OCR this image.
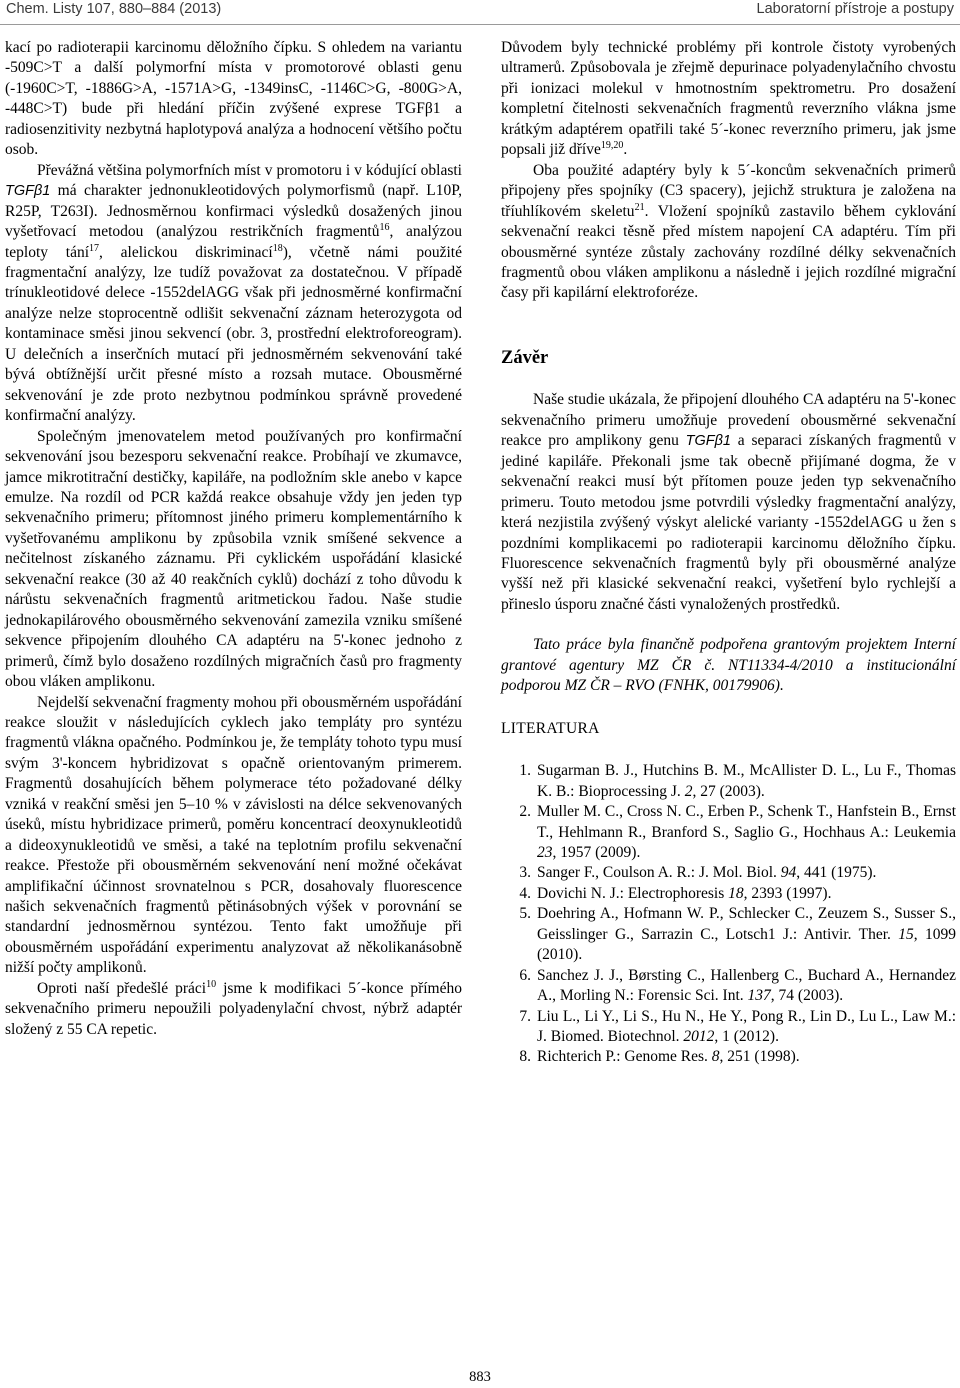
Chem. Listy 107, 880–884 (2013)	Laboratorní přístroje a postupy

kací po radioterapii karcinomu děložního čípku. S ohledem na variantu -509C>T a další polymorfní místa v promotorové oblasti genu (-1960C>T, -1886G>A, -1571A>G, -1349insC, -1146C>G, -800G>A, -448C>T) bude při hledání příčin zvýšené exprese TGFβ1 a radiosenzitivity nezbytná haplotypová analýza a hodnocení většího počtu osob.

Převážná většina polymorfních míst v promotoru i v kódující oblasti TGFβ1 má charakter jednonukleotidových polymorfismů (např. L10P, R25P, T263I). Jednosměrnou konfirmaci výsledků dosažených jinou vyšetřovací metodou (analýzou restrikčních fragmentů$^{16}$, analýzou teploty tání$^{17}$, alelickou diskriminací$^{18}$), včetně námi použité fragmentační analýzy, lze tudíž považovat za dostatečnou. V případě trínukleotidové delece -1552delAGG však při jednosměrné konfirmační analýze nelze stoprocentně odlišit sekvenační záznam heterozygota od kontaminace směsi jinou sekvencí (obr. 3, prostřední elektroforeogram). U delečních a inserčních mutací při jednosměrném sekvenování také bývá obtížnější určit přesné místo a rozsah mutace. Obousměrné sekvenování je zde proto nezbytnou podmínkou správně provedené konfirmační analýzy.

Společným jmenovatelem metod používaných pro konfirmační sekvenování jsou bezesporu sekvenační reakce. Probíhají ve zkumavce, jamce mikrotitrační destičky, kapiláře, na podložním skle anebo v kapce emulze. Na rozdíl od PCR každá reakce obsahuje vždy jen jeden typ sekvenačního primeru; přítomnost jiného primeru komplementárního k vyšetřovanému amplikonu by způsobila vznik smíšené sekvence a nečitelnost získaného záznamu. Při cyklickém uspořádání klasické sekvenační reakce (30 až 40 reakčních cyklů) dochází z toho důvodu k nárůstu sekvenačních fragmentů aritmetickou řadou. Naše studie jednokapilárového obousměrného sekvenování zamezila vzniku smíšené sekvence připojením dlouhého CA adaptéru na 5'-konec jednoho z primerů, čímž bylo dosaženo rozdílných migračních časů pro fragmenty obou vláken amplikonu.

Nejdelší sekvenační fragmenty mohou při obousměrném uspořádání reakce sloužit v následujících cyklech jako templáty pro syntézu fragmentů vlákna opačného. Podmínkou je, že templáty tohoto typu musí svým 3'-koncem hybridizovat s opačně orientovaným primerem. Fragmentů dosahujících během polymerace této požadované délky vzniká v reakční směsi jen 5–10 % v závislosti na délce sekvenovaných úseků, místu hybridizace primerů, poměru koncentrací deoxynukleotidů a dideoxynukleotidů ve směsi, a také na teplotním profilu sekvenační reakce. Přestože při obousměrném sekvenování není možné očekávat amplifikační účinnost srovnatelnou s PCR, dosahovaly fluorescence našich sekvenačních fragmentů pětinásobných výšek v porovnání se standardní jednosměrnou syntézou. Tento fakt umožňuje při obousměrném uspořádání experimentu analyzovat až několikanásobně nižší počty amplikonů.

Oproti naší předešlé práci$^{10}$ jsme k modifikaci 5´-konce přímého sekvenačního primeru nepoužili polyadenylační chvost, nýbrž adaptér složený z 55 CA repetic.

Důvodem byly technické problémy při kontrole čistoty vyrobených ultramerů. Způsobovala je zřejmě depurinace polyadenylačního chvostu při ionizaci molekul v hmotnostním spektrometru. Pro dosažení kompletní čitelnosti sekvenačních fragmentů reverzního vlákna jsme krátkým adaptérem opatřili také 5´-konec reverzního primeru, jak jsme popsali již dříve$^{19,20}$.

Oba použité adaptéry byly k 5´-koncům sekvenačních primerů připojeny přes spojníky (C3 spacery), jejichž struktura je založena na tříuhlíkovém skeletu$^{21}$. Vložení spojníků zastavilo během cyklování sekvenační reakci těsně před místem napojení CA adaptéru. Tím při obousměrné syntéze zůstaly zachovány rozdílné délky sekvenačních fragmentů obou vláken amplikonu a následně i jejich rozdílné migrační časy při kapilární elektroforéze.

Závěr

Naše studie ukázala, že připojení dlouhého CA adaptéru na 5'-konec sekvenačního primeru umožňuje provedení obousměrné sekvenační reakce pro amplikony genu TGFβ1 a separaci získaných fragmentů v jediné kapiláře. Překonali jsme tak obecně přijímané dogma, že v sekvenační reakci musí být přítomen pouze jeden typ sekvenačního primeru. Touto metodou jsme potvrdili výsledky fragmentační analýzy, která nezjistila zvýšený výskyt alelické varianty -1552delAGG u žen s pozdními komplikacemi po radioterapii karcinomu děložního čípku. Fluorescence sekvenačních fragmentů byly při obousměrné analýze vyšší než při klasické sekvenační reakci, vyšetření bylo rychlejší a přineslo úsporu značné části vynaložených prostředků.

Tato práce byla finančně podpořena grantovým projektem Interní grantové agentury MZ ČR č. NT11334-4/2010 a institucionální podporou MZ ČR – RVO (FNHK, 00179906).

LITERATURA
1. Sugarman B. J., Hutchins B. M., McAllister D. L., Lu F., Thomas K. B.: Bioprocessing J. 2, 27 (2003).
2. Muller M. C., Cross N. C., Erben P., Schenk T., Hanfstein B., Ernst T., Hehlmann R., Branford S., Saglio G., Hochhaus A.: Leukemia 23, 1957 (2009).
3. Sanger F., Coulson A. R.: J. Mol. Biol. 94, 441 (1975).
4. Dovichi N. J.: Electrophoresis 18, 2393 (1997).
5. Doehring A., Hofmann W. P., Schlecker C., Zeuzem S., Susser S., Geisslinger G., Sarrazin C., Lotsch1 J.: Antivir. Ther. 15, 1099 (2010).
6. Sanchez J. J., Børsting C., Hallenberg C., Buchard A., Hernandez A., Morling N.: Forensic Sci. Int. 137, 74 (2003).
7. Liu L., Li Y., Li S., Hu N., He Y., Pong R., Lin D., Lu L., Law M.: J. Biomed. Biotechnol. 2012, 1 (2012).
8. Richterich P.: Genome Res. 8, 251 (1998).
883
